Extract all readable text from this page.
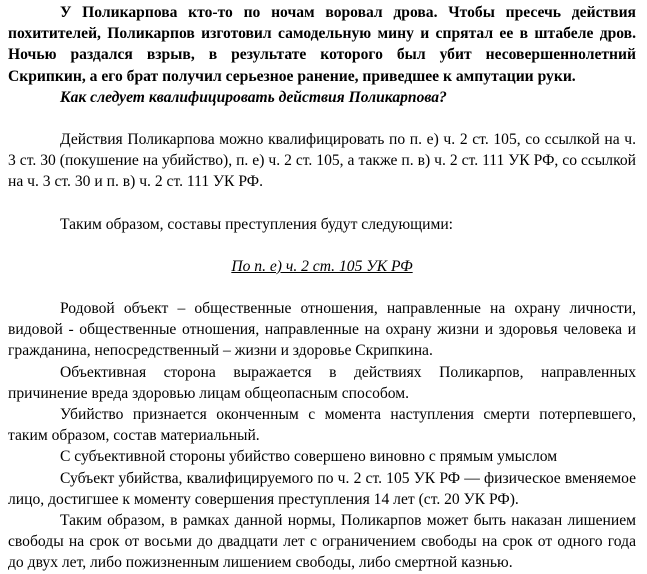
У Поликарпова кто-то по ночам воровал дрова. Чтобы пресечь действия похитителей, Поликарпов изготовил самодельную мину и спрятал ее в штабеле дров. Ночью раздался взрыв, в результате которого был убит несовершеннолетний Скрипкин, а его брат получил серьезное ранение, приведшее к ампутации руки.

Как следует квалифицировать действия Поликарпова?

Действия Поликарпова можно квалифицировать по п. е) ч. 2 ст. 105, со ссылкой на ч. 3 ст. 30 (покушение на убийство), п. е) ч. 2 ст. 105, а также п. в) ч. 2 ст. 111 УК РФ, со ссылкой на ч. 3 ст. 30 и п. в) ч. 2 ст. 111 УК РФ.

Таким образом, составы преступления будут следующими:

По п. е) ч. 2 ст. 105 УК РФ

Родовой объект – общественные отношения, направленные на охрану личности, видовой - общественные отношения, направленные на охрану жизни и здоровья человека и гражданина, непосредственный – жизни и здоровье Скрипкина.

Объективная сторона выражается в действиях Поликарпов, направленных причинение вреда здоровью лицам общеопасным способом.

Убийство признается оконченным с момента наступления смерти потерпевшего, таким образом, состав материальный.

С субъективной стороны убийство совершено виновно с прямым умыслом

Субъект убийства, квалифицируемого по ч. 2 ст. 105 УК РФ — физическое вменяемое лицо, достигшее к моменту совершения преступления 14 лет (ст. 20 УК РФ).

Таким образом, в рамках данной нормы, Поликарпов может быть наказан лишением свободы на срок от восьми до двадцати лет с ограничением свободы на срок от одного года до двух лет, либо пожизненным лишением свободы, либо смертной казнью.
